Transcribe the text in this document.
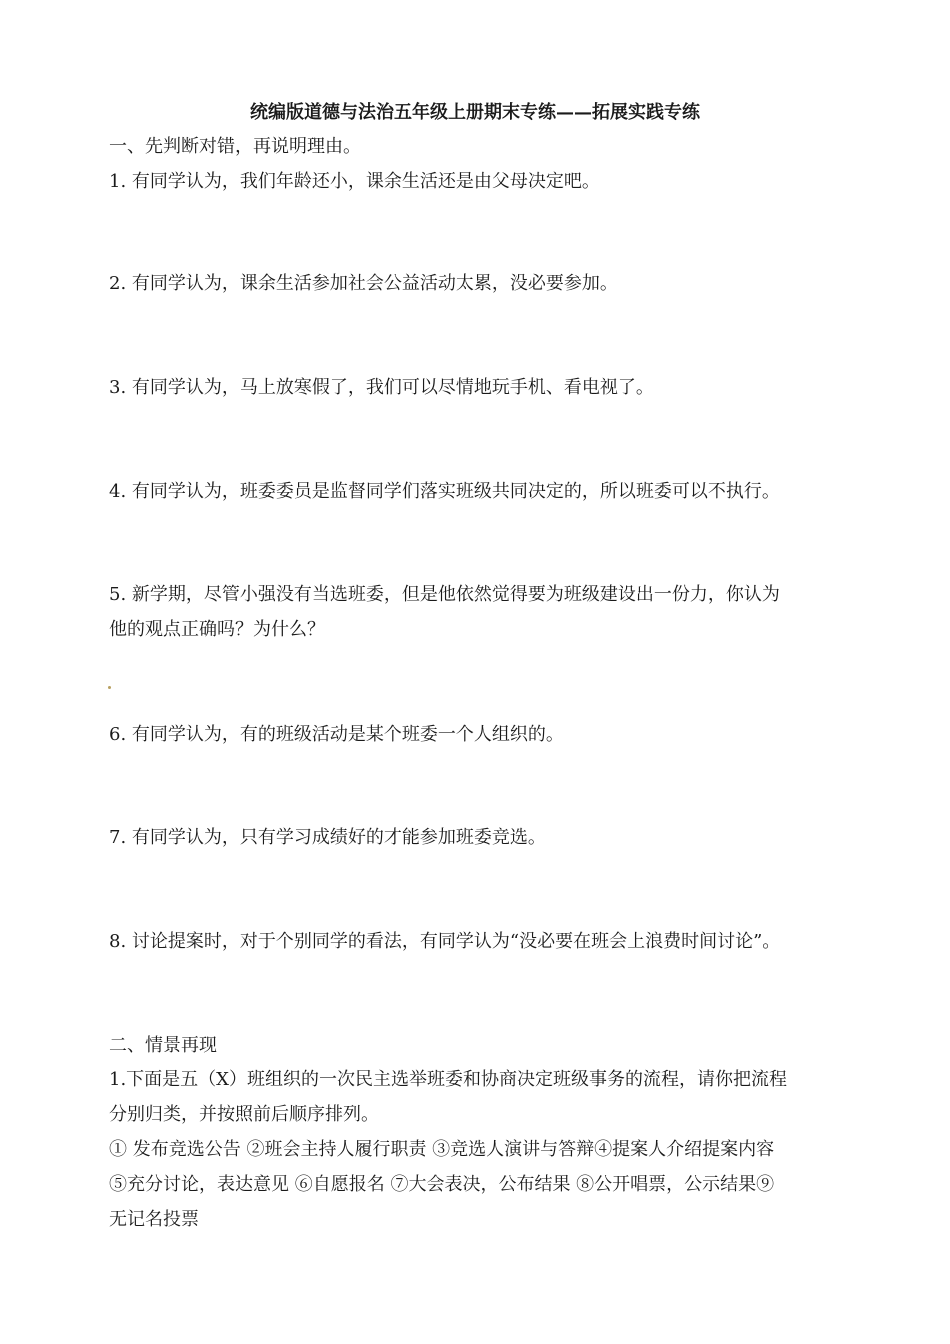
统编版道德与法治五年级上册期末专练——拓展实践专练
一、先判断对错，再说明理由。
1. 有同学认为，我们年龄还小，课余生活还是由父母决定吧。
2. 有同学认为，课余生活参加社会公益活动太累，没必要参加。
3. 有同学认为，马上放寒假了，我们可以尽情地玩手机、看电视了。
4. 有同学认为，班委委员是监督同学们落实班级共同决定的，所以班委可以不执行。
5. 新学期，尽管小强没有当选班委，但是他依然觉得要为班级建设出一份力，你认为
他的观点正确吗？为什么？
6. 有同学认为，有的班级活动是某个班委一个人组织的。
7. 有同学认为，只有学习成绩好的才能参加班委竞选。
8. 讨论提案时，对于个别同学的看法，有同学认为“没必要在班会上浪费时间讨论”。
二、情景再现
1.下面是五（X）班组织的一次民主选举班委和协商决定班级事务的流程，请你把流程
分别归类，并按照前后顺序排列。
① 发布竞选公告 ②班会主持人履行职责 ③竞选人演讲与答辩④提案人介绍提案内容
⑤充分讨论，表达意见 ⑥自愿报名 ⑦大会表决，公布结果 ⑧公开唱票，公示结果⑨
无记名投票
